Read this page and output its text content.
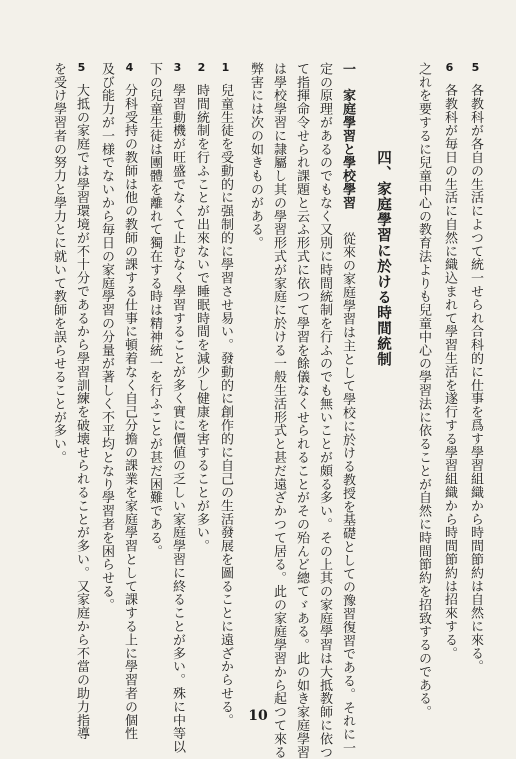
5 各教科が各自の生活によつて統一せられ合科的に仕事を爲す學習組織から時間節約は自然に來る。
6 各教科が毎日の生活に自然に織込まれて學習生活を遂行する學習組織から時間節約は招來する。
之れを要するに兒童中心の教育法よりも兒童中心の學習法に依ることが自然に時間節約を招致するのである。
四、家庭學習に於ける時間統制
一　家庭學習と學校學習 　 從來の家庭學習は主として學校に於ける教授を基礎としての豫習復習である。それに一
定の原理があるのでもなく又別に時間統制を行ふのでも無いことが頗る多い。その上其の家庭學習は大抵教師に依つ
て指揮命令せられ課題と云ふ形式に依つて學習を餘儀なくせられることがその殆んど總てゞある。此の如き家庭學習
は學校學習に隷屬し其の學習形式が家庭に於ける一般生活形式と甚だ遠ざかつて居る。此の家庭學習から起つて來る
弊害には次の如きものがある。
1 兒童生徒を受動的に强制的に學習させ易い。發動的に創作的に自己の生活發展を圖ることに遠ざからせる。
2 時間統制を行ふことが出來ないで睡眠時間を減少し健康を害することが多い。
3 學習動機が旺盛でなくて止むなく學習することが多く實に價値の乏しい家庭學習に終ることが多い。殊に中等以
下の兒童生徒は團體を離れて獨在する時は精神統一を行ふことが甚だ困難である。
4 分科受持の教師は他の教師の課する仕事に頓着なく自己分擔の課業を家庭學習として課する上に學習者の個性
及び能力が一様でないから毎日の家庭學習の分量が著しく不平均となり學習者を困らせる。
5 大抵の家庭では學習環境が不十分であるから學習訓練を破壊せられることが多い。又家庭から不當の助力指導
を受け學習者の努力と學力とに就いて教師を誤らせることが多い。
10
